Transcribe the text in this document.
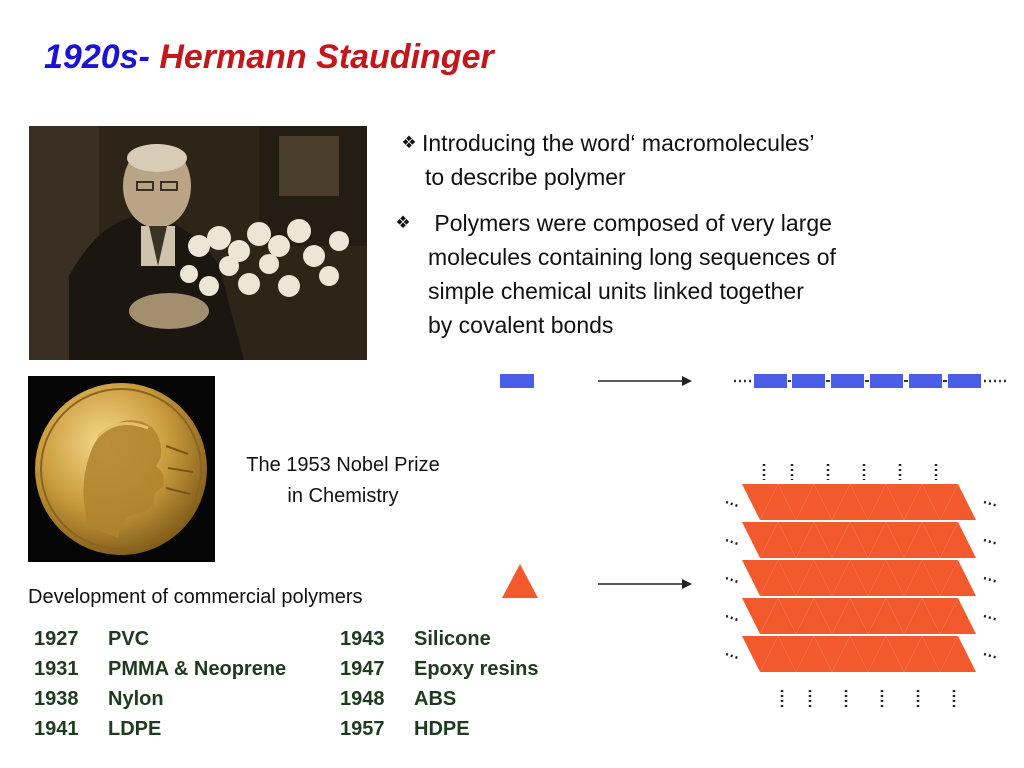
1920s- Hermann Staudinger
❖ Introducing the word‘ macromolecules’
to describe polymer
❖ Polymers were composed of very large
molecules containing long sequences of
simple chemical units linked together
by covalent bonds
The 1953 Nobel Prize
in Chemistry
Development of commercial polymers
1927 PVC
1931 PMMA & Neoprene
1938 Nylon
1941 LDPE
1943 Silicone
1947 Epoxy resins
1948 ABS
1957 HDPE
